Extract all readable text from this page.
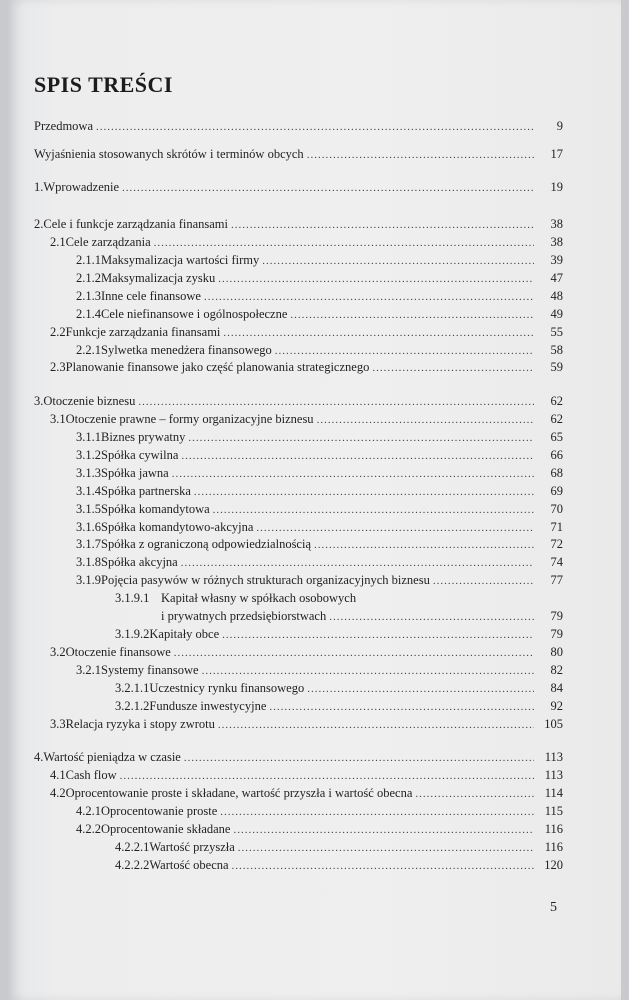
SPIS TREŚCI
Przedmowa .....	9
Wyjaśnienia stosowanych skrótów i terminów obcych .....	17
1. Wprowadzenie .....	19
2. Cele i funkcje zarządzania finansami .....	38
2.1 Cele zarządzania .....	38
2.1.1 Maksymalizacja wartości firmy .....	39
2.1.2 Maksymalizacja zysku .....	47
2.1.3 Inne cele finansowe .....	48
2.1.4 Cele niefinansowe i ogólnospołeczne .....	49
2.2 Funkcje zarządzania finansami .....	55
2.2.1 Sylwetka menedżera finansowego .....	58
2.3 Planowanie finansowe jako część planowania strategicznego .....	59
3. Otoczenie biznesu .....	62
3.1 Otoczenie prawne – formy organizacyjne biznesu .....	62
3.1.1 Biznes prywatny .....	65
3.1.2 Spółka cywilna .....	66
3.1.3 Spółka jawna .....	68
3.1.4 Spółka partnerska .....	69
3.1.5 Spółka komandytowa .....	70
3.1.6 Spółka komandytowo-akcyjna .....	71
3.1.7 Spółka z ograniczoną odpowiedzialnością .....	72
3.1.8 Spółka akcyjna .....	74
3.1.9 Pojęcia pasywów w różnych strukturach organizacyjnych biznesu .....	77
3.1.9.1 Kapitał własny w spółkach osobowych
i prywatnych przedsiębiorstwach .....	79
3.1.9.2 Kapitały obce .....	79
3.2 Otoczenie finansowe .....	80
3.2.1 Systemy finansowe .....	82
3.2.1.1 Uczestnicy rynku finansowego .....	84
3.2.1.2 Fundusze inwestycyjne .....	92
3.3 Relacja ryzyka i stopy zwrotu .....	105
4. Wartość pieniądza w czasie .....	113
4.1 Cash flow .....	113
4.2 Oprocentowanie proste i składane, wartość przyszła i wartość obecna .....	114
4.2.1 Oprocentowanie proste .....	115
4.2.2 Oprocentowanie składane .....	116
4.2.2.1 Wartość przyszła .....	116
4.2.2.2 Wartość obecna .....	120
5
